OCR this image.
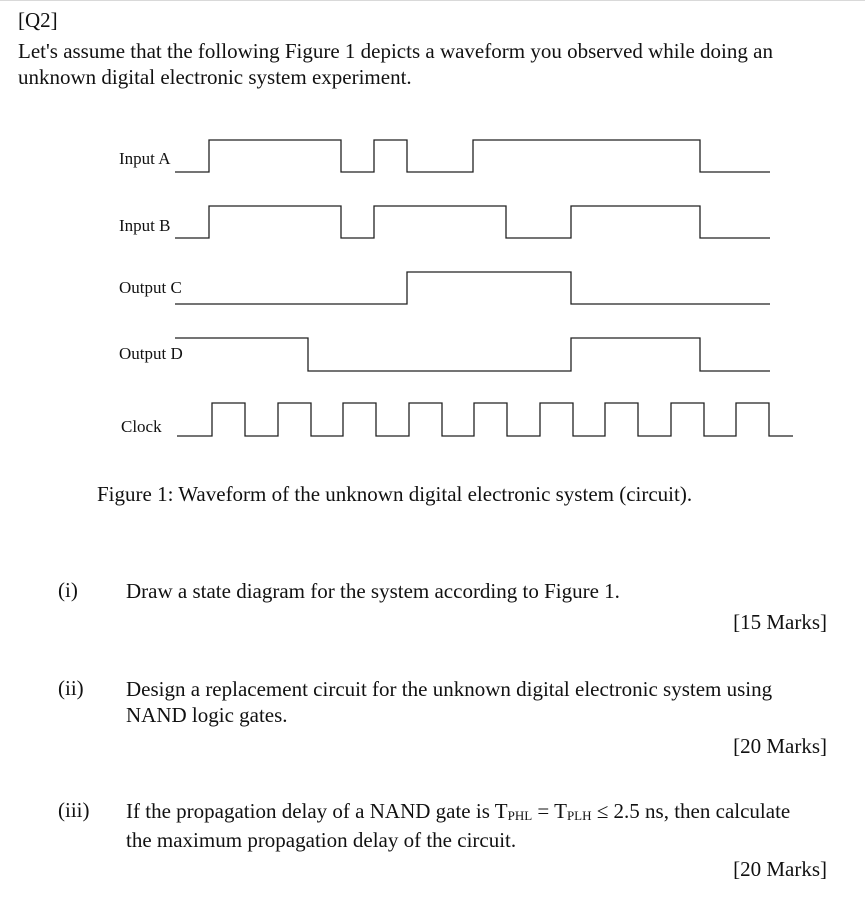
[Q2]
Let's assume that the following Figure 1 depicts a waveform you observed while doing an unknown digital electronic system experiment.
Input A
Input B
Output C
Output D
Clock
Figure 1: Waveform of the unknown digital electronic system (circuit).
(i) Draw a state diagram for the system according to Figure 1.
[15 Marks]
(ii) Design a replacement circuit for the unknown digital electronic system using NAND logic gates.
[20 Marks]
(iii) If the propagation delay of a NAND gate is $T_{PHL} = T_{PLH} \le 2.5$ ns, then calculate the maximum propagation delay of the circuit.
[20 Marks]
